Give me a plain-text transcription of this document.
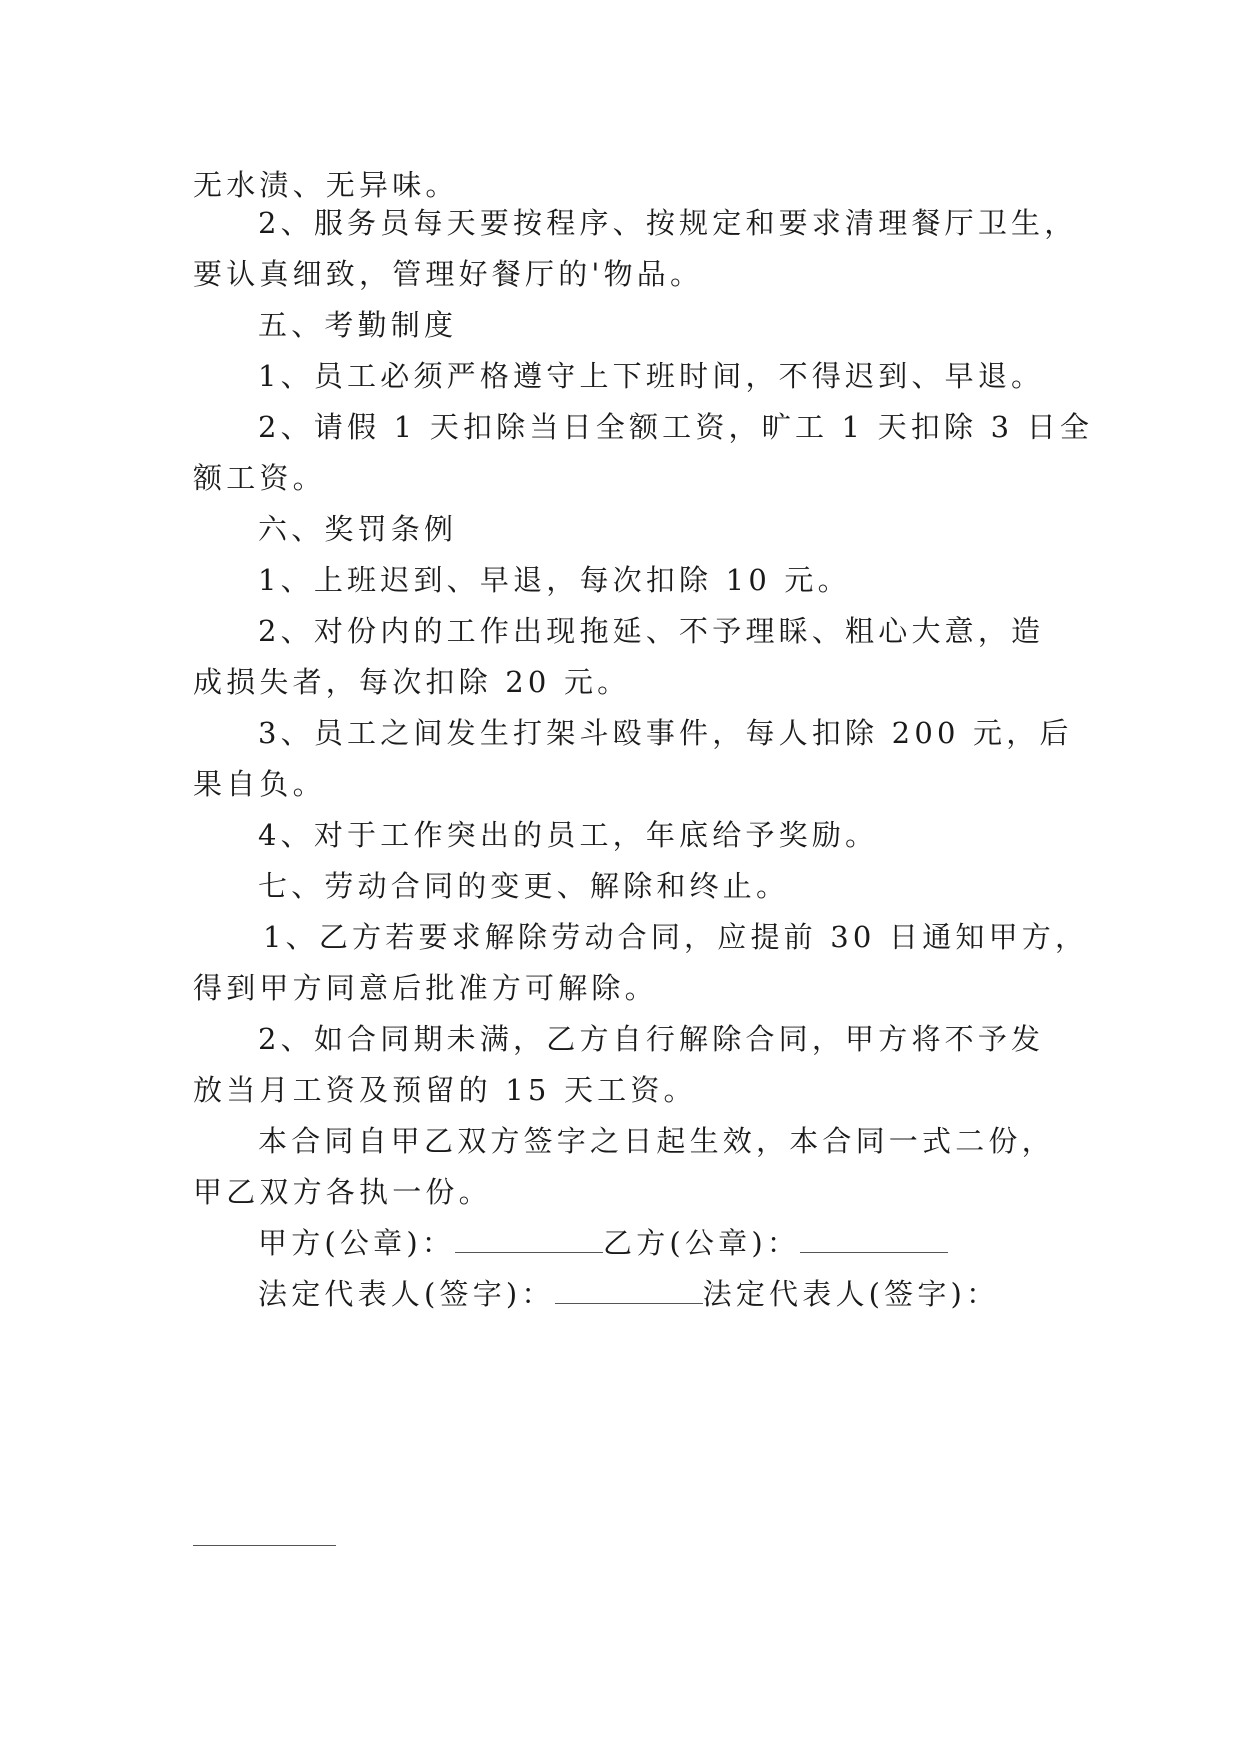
无水渍、无异味。
2、服务员每天要按程序、按规定和要求清理餐厅卫生，
要认真细致，管理好餐厅的'物品。
五、考勤制度
1、员工必须严格遵守上下班时间，不得迟到、早退。
2、请假 1 天扣除当日全额工资，旷工 1 天扣除 3 日全
额工资。
六、奖罚条例
1、上班迟到、早退，每次扣除 10 元。
2、对份内的工作出现拖延、不予理睬、粗心大意，造
成损失者，每次扣除 20 元。
3、员工之间发生打架斗殴事件，每人扣除 200 元，后
果自负。
4、对于工作突出的员工，年底给予奖励。
七、劳动合同的变更、解除和终止。
1、乙方若要求解除劳动合同，应提前 30 日通知甲方，
得到甲方同意后批准方可解除。
2、如合同期未满，乙方自行解除合同，甲方将不予发
放当月工资及预留的 15 天工资。
本合同自甲乙双方签字之日起生效，本合同一式二份，
甲乙双方各执一份。
甲方(公章)：	乙方(公章)：
法定代表人(签字)：	法定代表人(签字)：
